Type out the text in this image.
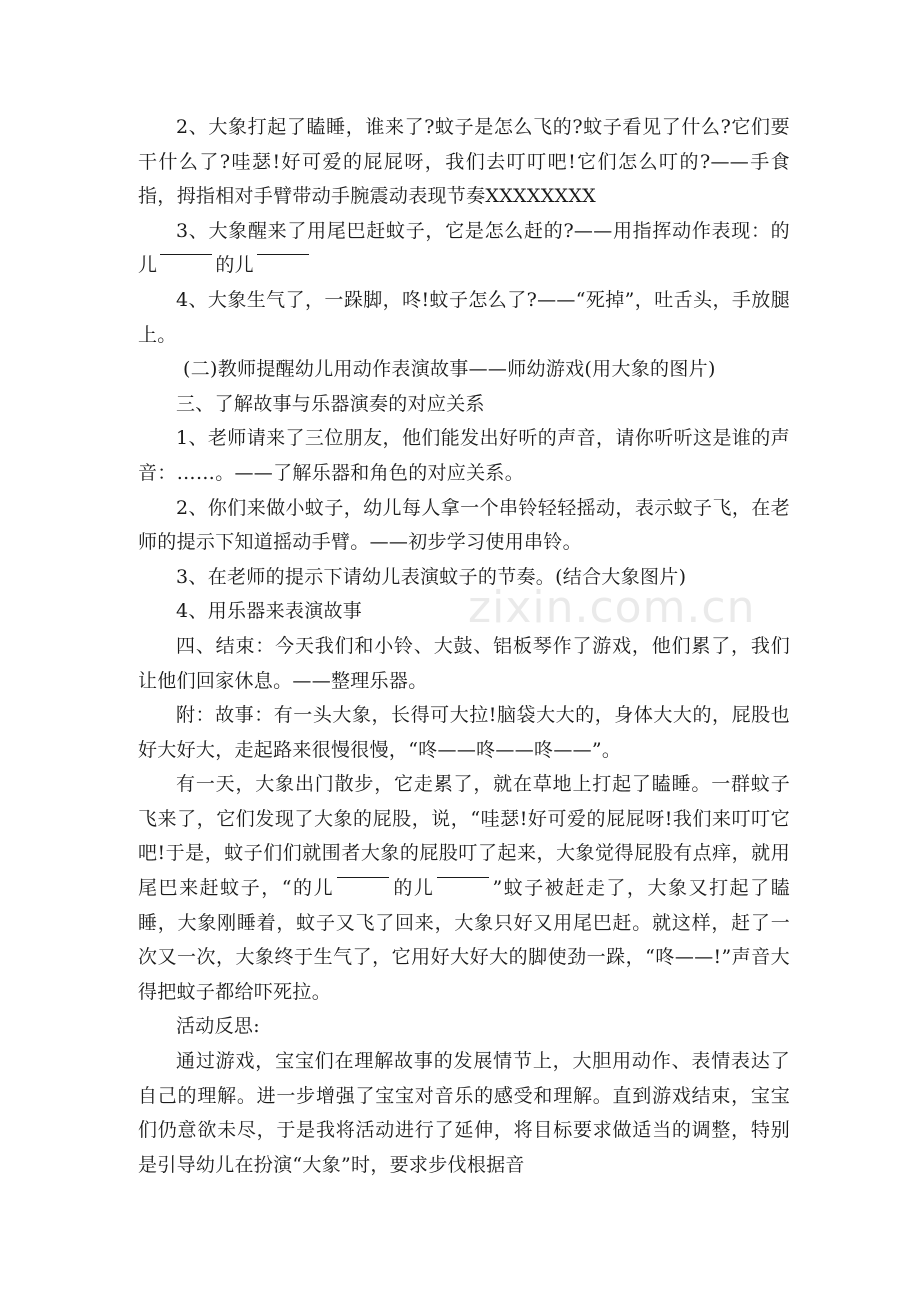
2、大象打起了瞌睡，谁来了?蚊子是怎么飞的?蚊子看见了什么?它们要干什么了?哇瑟!好可爱的屁屁呀，我们去叮叮吧!它们怎么叮的?——手食指，拇指相对手臂带动手腕震动表现节奏XXXXXXXX

3、大象醒来了用尾巴赶蚊子，它是怎么赶的?——用指挥动作表现：的儿	的儿

4、大象生气了，一跺脚，咚!蚊子怎么了?——“死掉”，吐舌头，手放腿上。

(二)教师提醒幼儿用动作表演故事——师幼游戏(用大象的图片)

三、了解故事与乐器演奏的对应关系

1、老师请来了三位朋友，他们能发出好听的声音，请你听听这是谁的声音：……。——了解乐器和角色的对应关系。

2、你们来做小蚊子，幼儿每人拿一个串铃轻轻摇动，表示蚊子飞，在老师的提示下知道摇动手臂。——初步学习使用串铃。

3、在老师的提示下请幼儿表演蚊子的节奏。(结合大象图片)

4、用乐器来表演故事

四、结束：今天我们和小铃、大鼓、铝板琴作了游戏，他们累了，我们让他们回家休息。——整理乐器。

附：故事：有一头大象，长得可大拉!脑袋大大的，身体大大的，屁股也好大好大，走起路来很慢很慢，“咚——咚——咚——”。

有一天，大象出门散步，它走累了，就在草地上打起了瞌睡。一群蚊子飞来了，它们发现了大象的屁股，说，“哇瑟!好可爱的屁屁呀!我们来叮叮它吧!于是，蚊子们们就围者大象的屁股叮了起来，大象觉得屁股有点痒，就用尾巴来赶蚊子，“的儿	的儿	”蚊子被赶走了，大象又打起了瞌睡，大象刚睡着，蚊子又飞了回来，大象只好又用尾巴赶。就这样，赶了一次又一次，大象终于生气了，它用好大好大的脚使劲一跺，“咚——!”声音大得把蚊子都给吓死拉。

活动反思:

通过游戏，宝宝们在理解故事的发展情节上，大胆用动作、表情表达了自己的理解。进一步增强了宝宝对音乐的感受和理解。直到游戏结束，宝宝们仍意欲未尽，于是我将活动进行了延伸，将目标要求做适当的调整，特别是引导幼儿在扮演“大象”时，要求步伐根据音

zixin.com.cn
